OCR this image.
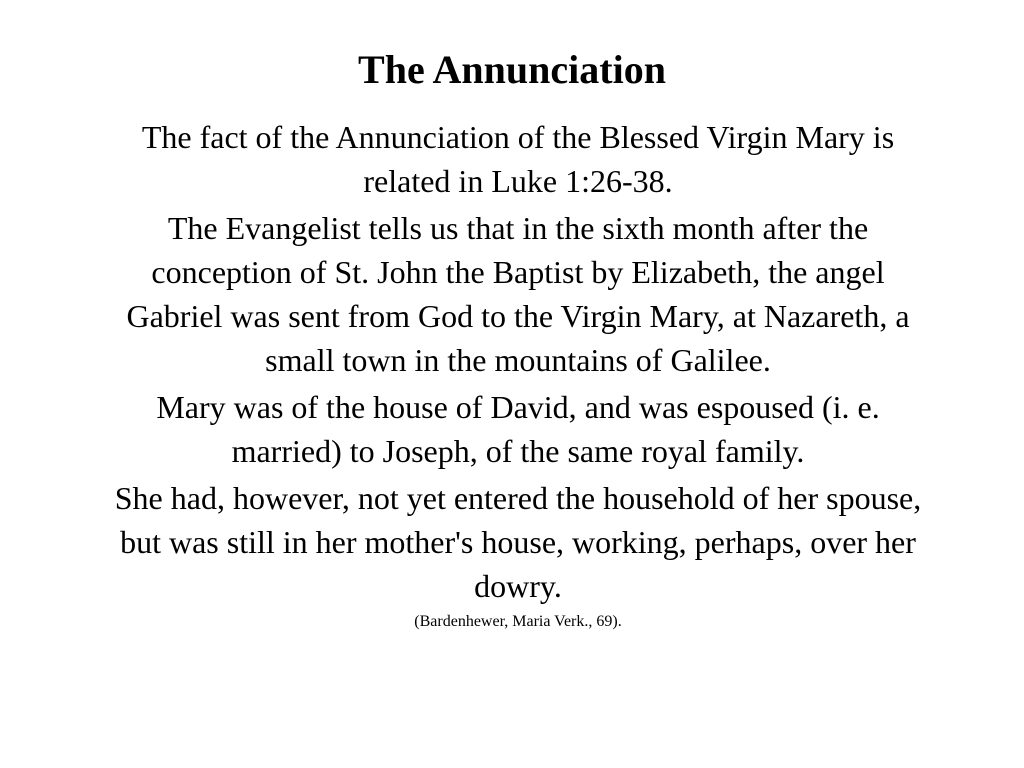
The Annunciation

The fact of the Annunciation of the Blessed Virgin Mary is related in Luke 1:26-38.

The Evangelist tells us that in the sixth month after the conception of St. John the Baptist by Elizabeth, the angel Gabriel was sent from God to the Virgin Mary, at Nazareth, a small town in the mountains of Galilee.

Mary was of the house of David, and was espoused (i. e. married) to Joseph, of the same royal family.

She had, however, not yet entered the household of her spouse, but was still in her mother's house, working, perhaps, over her dowry.

(Bardenhewer, Maria Verk., 69).
